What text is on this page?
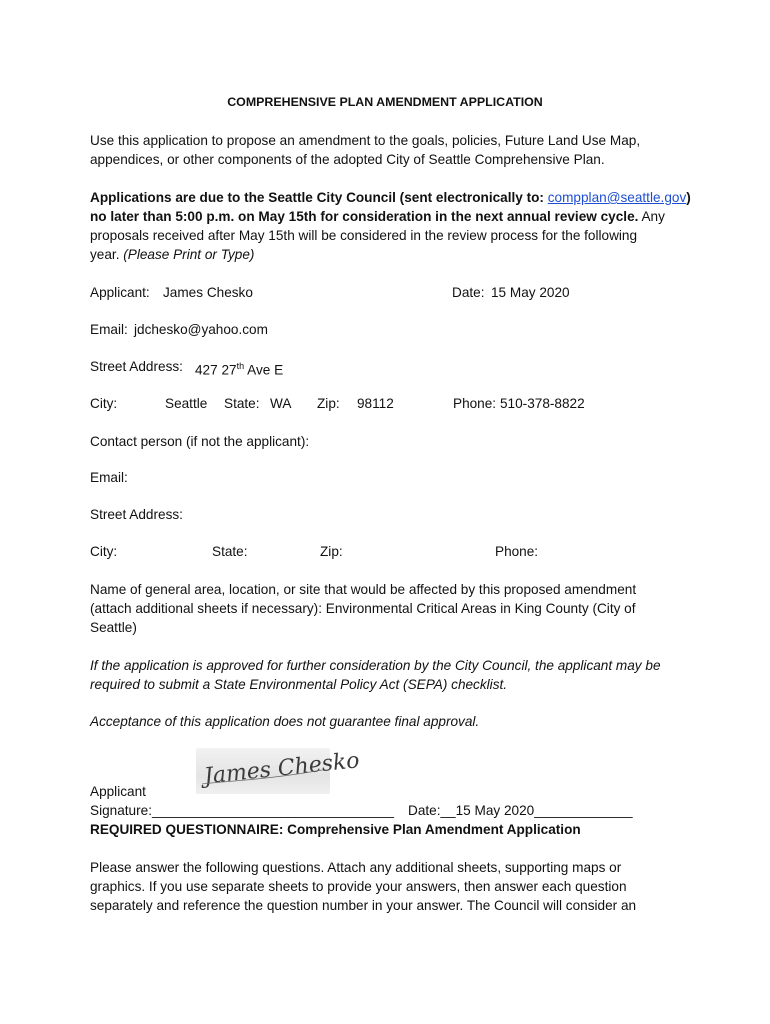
COMPREHENSIVE PLAN AMENDMENT APPLICATION
Use this application to propose an amendment to the goals, policies, Future Land Use Map,
appendices, or other components of the adopted City of Seattle Comprehensive Plan.
Applications are due to the Seattle City Council (sent electronically to: compplan@seattle.gov)
no later than 5:00 p.m. on May 15th for consideration in the next annual review cycle. Any
proposals received after May 15th will be considered in the review process for the following
year. (Please Print or Type)
Applicant: James Chesko	Date: 15 May 2020
Email: jdchesko@yahoo.com
Street Address: 427 27th Ave E
City:	Seattle State: WA Zip: 98112	Phone: 510-378-8822
Contact person (if not the applicant):
Email:
Street Address:
City:	State:	Zip:	Phone:
Name of general area, location, or site that would be affected by this proposed amendment
(attach additional sheets if necessary): Environmental Critical Areas in King County (City of
Seattle)
If the application is approved for further consideration by the City Council, the applicant may be
required to submit a State Environmental Policy Act (SEPA) checklist.
Acceptance of this application does not guarantee final approval.
James Chesko
Applicant
Signature:________________________________ Date:__15 May 2020_____________
REQUIRED QUESTIONNAIRE: Comprehensive Plan Amendment Application
Please answer the following questions. Attach any additional sheets, supporting maps or
graphics. If you use separate sheets to provide your answers, then answer each question
separately and reference the question number in your answer. The Council will consider an
